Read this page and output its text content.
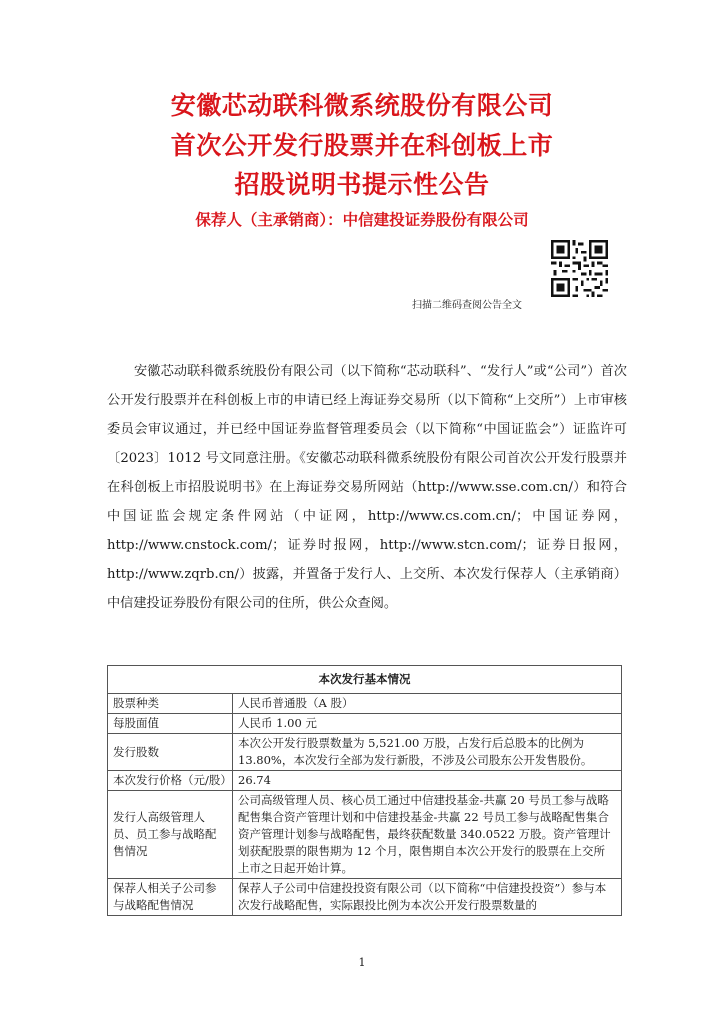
安徽芯动联科微系统股份有限公司
首次公开发行股票并在科创板上市
招股说明书提示性公告
保荐人（主承销商）：中信建投证券股份有限公司
扫描二维码查阅公告全文

安徽芯动联科微系统股份有限公司（以下简称“芯动联科”、“发行人”或“公司”）首次公开发行股票并在科创板上市的申请已经上海证券交易所（以下简称“上交所”）上市审核委员会审议通过，并已经中国证券监督管理委员会（以下简称“中国证监会”）证监许可〔2023〕1012 号文同意注册。《安徽芯动联科微系统股份有限公司首次公开发行股票并在科创板上市招股说明书》在上海证券交易所网站（http://www.sse.com.cn/）和符合中国证监会规定条件网站（中证网，http://www.cs.com.cn/；中国证券网，http://www.cnstock.com/；证券时报网，http://www.stcn.com/；证券日报网，http://www.zqrb.cn/）披露，并置备于发行人、上交所、本次发行保荐人（主承销商）中信建投证券股份有限公司的住所，供公众查阅。

本次发行基本情况	
股票种类	人民币普通股（A 股）
每股面值	人民币 1.00 元
发行股数	本次公开发行股票数量为 5,521.00 万股，占发行后总股本的比例为 13.80%，本次发行全部为发行新股，不涉及公司股东公开发售股份。
本次发行价格（元/股）	26.74
发行人高级管理人员、员工参与战略配售情况	公司高级管理人员、核心员工通过中信建投基金-共赢 20 号员工参与战略配售集合资产管理计划和中信建投基金-共赢 22 号员工参与战略配售集合资产管理计划参与战略配售，最终获配数量 340.0522 万股。资产管理计划获配股票的限售期为 12 个月，限售期自本次公开发行的股票在上交所上市之日起开始计算。
保荐人相关子公司参与战略配售情况	保荐人子公司中信建投投资有限公司（以下简称“中信建投投资”）参与本次发行战略配售，实际跟投比例为本次公开发行股票数量的
1
